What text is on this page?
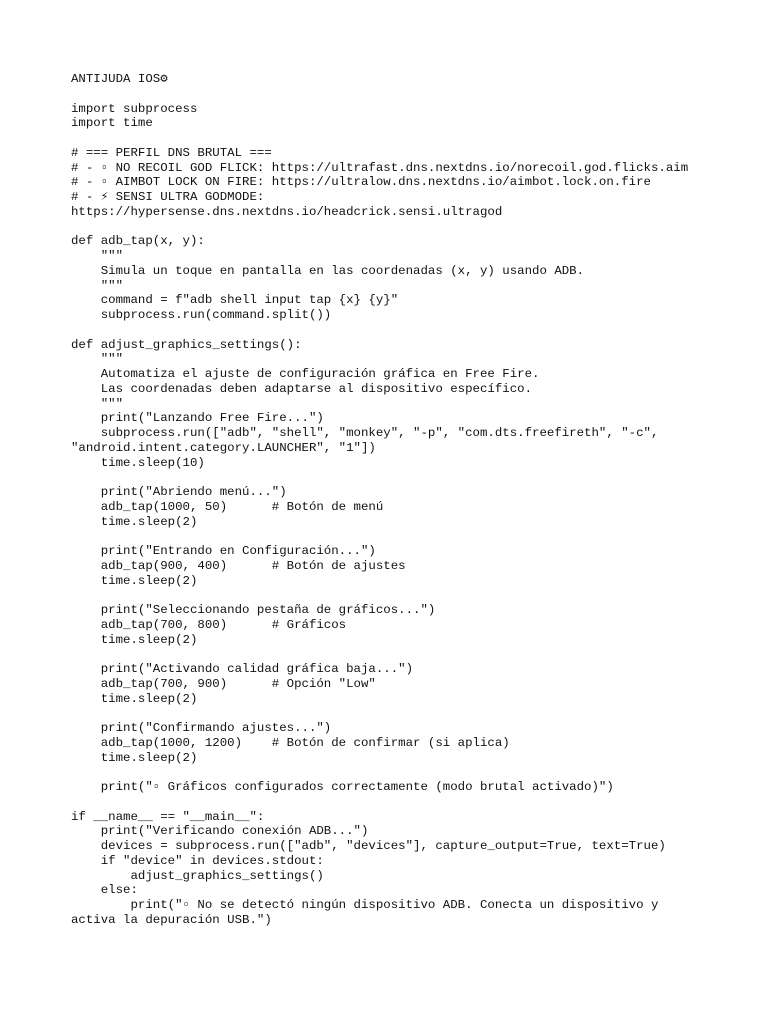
ANTIJUDA IOS⚙
import subprocess
import time
# === PERFIL DNS BRUTAL ===
# - ▫ NO RECOIL GOD FLICK: https://ultrafast.dns.nextdns.io/norecoil.god.flicks.aim
# - ▫ AIMBOT LOCK ON FIRE: https://ultralow.dns.nextdns.io/aimbot.lock.on.fire
# - ⚡ SENSI ULTRA GODMODE:
https://hypersense.dns.nextdns.io/headcrick.sensi.ultragod
def adb_tap(x, y):
"""
Simula un toque en pantalla en las coordenadas (x, y) usando ADB.
"""
command = f"adb shell input tap {x} {y}"
subprocess.run(command.split())
def adjust_graphics_settings():
"""
Automatiza el ajuste de configuración gráfica en Free Fire.
Las coordenadas deben adaptarse al dispositivo específico.
"""
print("Lanzando Free Fire...")
subprocess.run(["adb", "shell", "monkey", "-p", "com.dts.freefireth", "-c",
"android.intent.category.LAUNCHER", "1"])
time.sleep(10)
print("Abriendo menú...")
adb_tap(1000, 50)      # Botón de menú
time.sleep(2)
print("Entrando en Configuración...")
adb_tap(900, 400)      # Botón de ajustes
time.sleep(2)
print("Seleccionando pestaña de gráficos...")
adb_tap(700, 800)      # Gráficos
time.sleep(2)
print("Activando calidad gráfica baja...")
adb_tap(700, 900)      # Opción "Low"
time.sleep(2)
print("Confirmando ajustes...")
adb_tap(1000, 1200)    # Botón de confirmar (si aplica)
time.sleep(2)
print("▫ Gráficos configurados correctamente (modo brutal activado)")
if __name__ == "__main__":
print("Verificando conexión ADB...")
devices = subprocess.run(["adb", "devices"], capture_output=True, text=True)
if "device" in devices.stdout:
adjust_graphics_settings()
else:
print("▫ No se detectó ningún dispositivo ADB. Conecta un dispositivo y
activa la depuración USB.")
